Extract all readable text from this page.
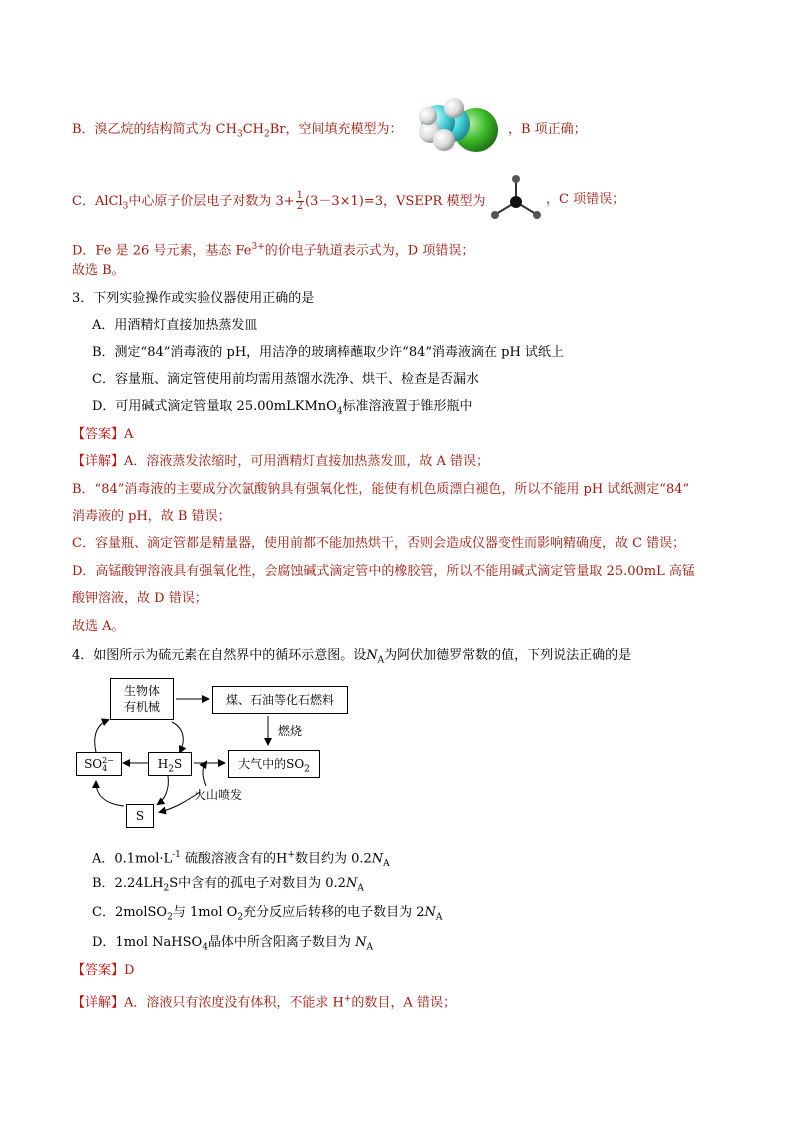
B．溴乙烷的结构简式为 $CH_3CH_2Br$，空间填充模型为：	，B 项正确；
C．AlCl$_3$中心原子价层电子对数为 $3+ \frac{1}{2} (3-3\times 1)=3$，VSEPR 模型为	，C 项错误；
D．Fe 是 26 号元素，基态 $Fe^{3+}$的价电子轨道表示式为，D 项错误；
故选 B。
3．下列实验操作或实验仪器使用正确的是
A．用酒精灯直接加热蒸发皿
B．测定“84”消毒液的 pH，用洁净的玻璃棒蘸取少许“84”消毒液滴在 pH 试纸上
C．容量瓶、滴定管使用前均需用蒸馏水洗净、烘干、检查是否漏水
D．可用碱式滴定管量取 25.00mLKMnO$_4$标准溶液置于锥形瓶中
【答案】A
【详解】A．溶液蒸发浓缩时，可用酒精灯直接加热蒸发皿，故 A 错误；
B．“84”消毒液的主要成分次氯酸钠具有强氧化性，能使有机色质漂白褪色，所以不能用 pH 试纸测定“84”
消毒液的 pH，故 B 错误；
C．容量瓶、滴定管都是精量器，使用前都不能加热烘干，否则会造成仪器变性而影响精确度，故 C 错误；
D．高锰酸钾溶液具有强氧化性，会腐蚀碱式滴定管中的橡胶管，所以不能用碱式滴定管量取 25.00mL 高锰
酸钾溶液，故 D 错误；
故选 A。
4．如图所示为硫元素在自然界中的循环示意图。设$N_A$为阿伏加德罗常数的值，下列说法正确的是
生物体
有机械	煤、石油等化石燃料
燃烧
SO 2−
4	$H_2S$	大气中的$SO_2$
火山喷发
S
A．$0.1mol\cdot L^{-1}$ 硫酸溶液含有的H+数目约为 $0.2N_A$
B．$2.24LH_2S$中含有的孤电子对数目为 $0.2N_A$
C．2molSO$_2$与 1mol $O_2$充分反应后转移的电子数目为 $2N_A$
D．1mol NaHSO$_4$晶体中所含阳离子数目为 $N_A$
【答案】D
【详解】A．溶液只有浓度没有体积，不能求 H+的数目，A 错误；
